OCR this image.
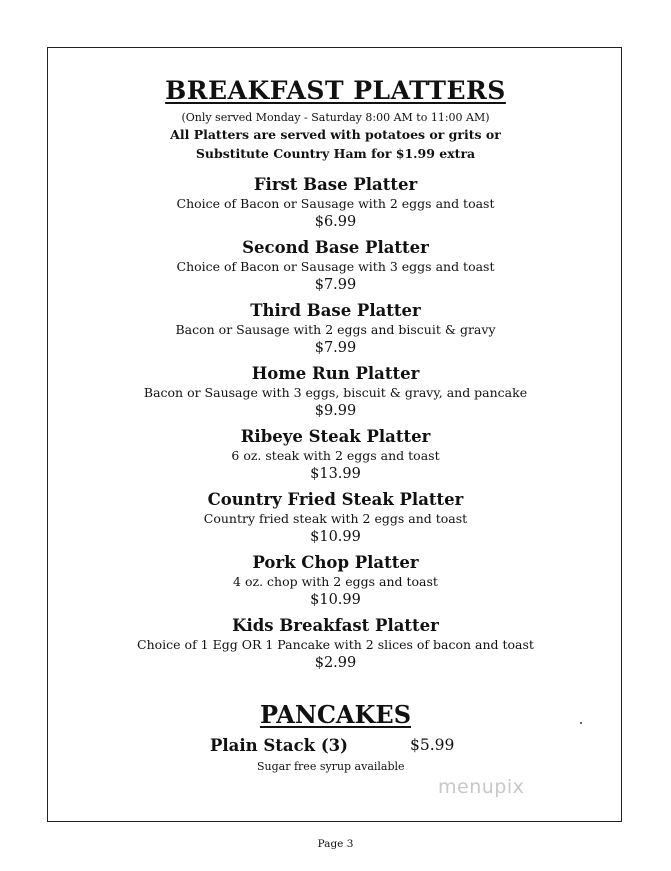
BREAKFAST PLATTERS
(Only served Monday - Saturday 8:00 AM to 11:00 AM)
All Platters are served with potatoes or grits or
Substitute Country Ham for $1.99 extra
First Base Platter
Choice of Bacon or Sausage with 2 eggs and toast
$6.99
Second Base Platter
Choice of Bacon or Sausage with 3 eggs and toast
$7.99
Third Base Platter
Bacon or Sausage with 2 eggs and biscuit & gravy
$7.99
Home Run Platter
Bacon or Sausage with 3 eggs, biscuit & gravy, and pancake
$9.99
Ribeye Steak Platter
6 oz. steak with 2 eggs and toast
$13.99
Country Fried Steak Platter
Country fried steak with 2 eggs and toast
$10.99
Pork Chop Platter
4 oz. chop with 2 eggs and toast
$10.99
Kids Breakfast Platter
Choice of 1 Egg OR 1 Pancake with 2 slices of bacon and toast
$2.99
PANCAKES
Plain Stack (3)	$5.99
Sugar free syrup available
menupix
Page 3
